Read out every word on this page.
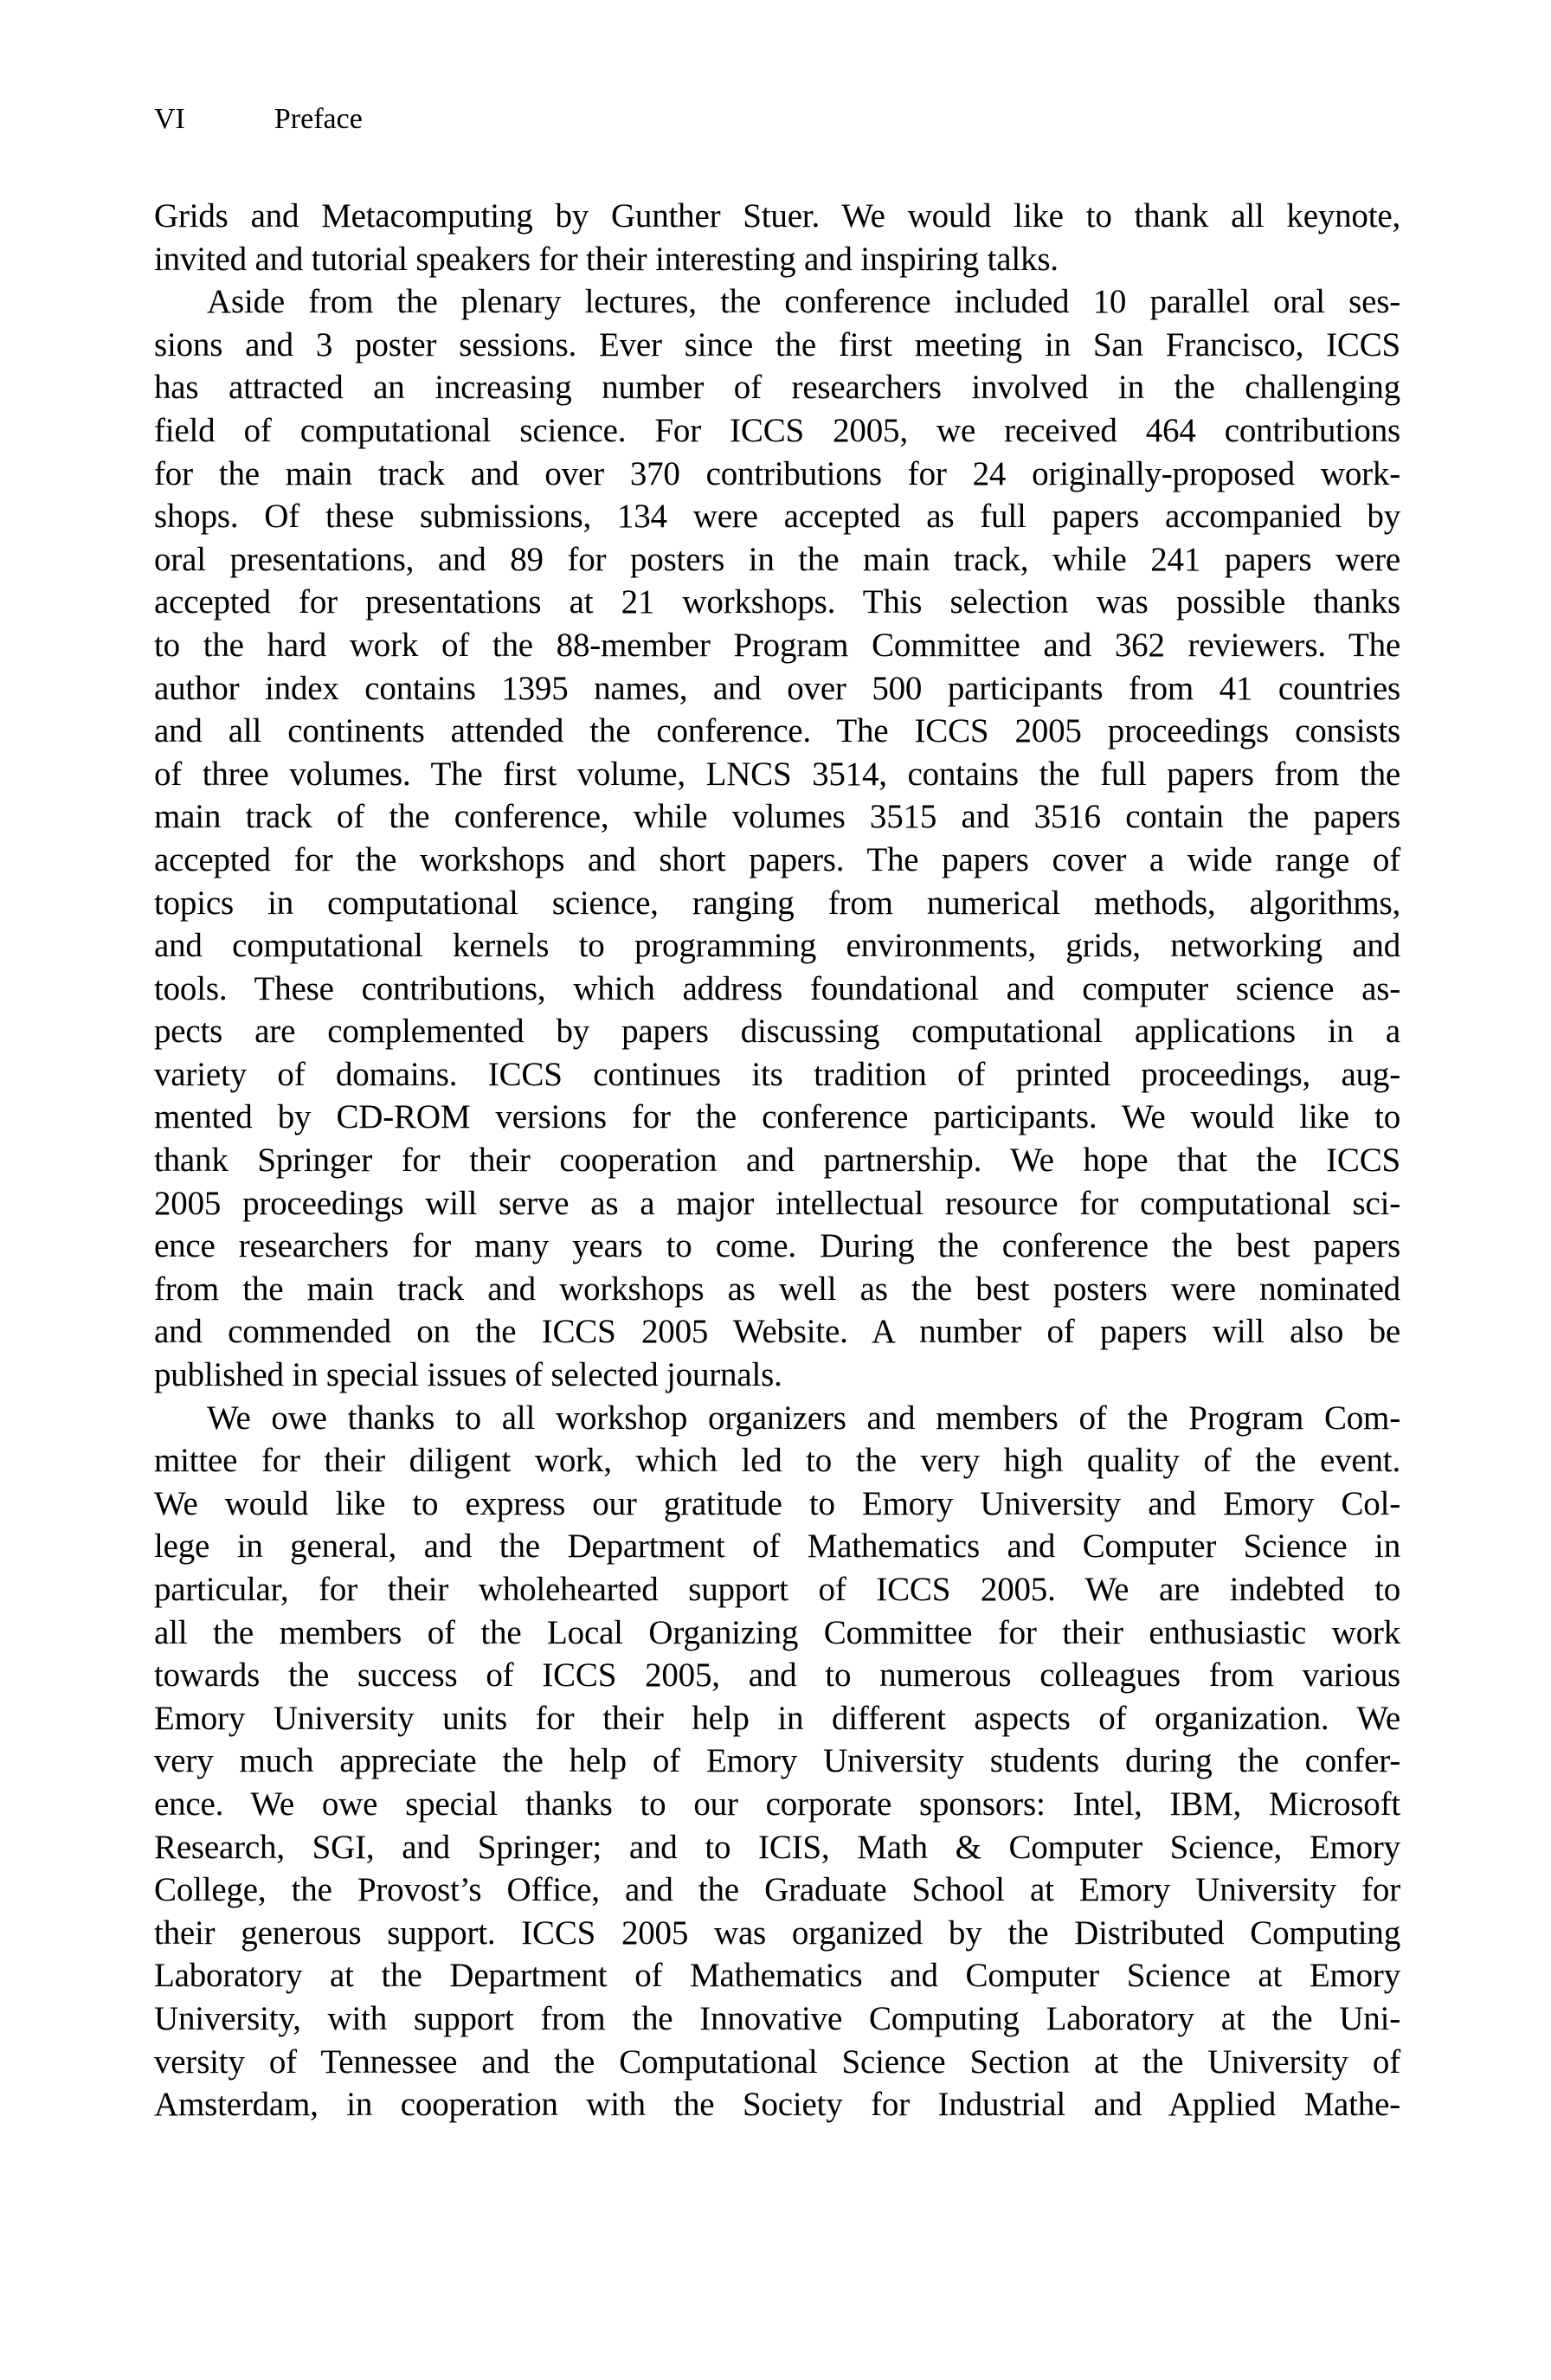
VI	Preface
Grids and Metacomputing by Gunther Stuer. We would like to thank all keynote,
invited and tutorial speakers for their interesting and inspiring talks.
Aside from the plenary lectures, the conference included 10 parallel oral ses-
sions and 3 poster sessions. Ever since the first meeting in San Francisco, ICCS
has attracted an increasing number of researchers involved in the challenging
field of computational science. For ICCS 2005, we received 464 contributions
for the main track and over 370 contributions for 24 originally-proposed work-
shops. Of these submissions, 134 were accepted as full papers accompanied by
oral presentations, and 89 for posters in the main track, while 241 papers were
accepted for presentations at 21 workshops. This selection was possible thanks
to the hard work of the 88-member Program Committee and 362 reviewers. The
author index contains 1395 names, and over 500 participants from 41 countries
and all continents attended the conference. The ICCS 2005 proceedings consists
of three volumes. The first volume, LNCS 3514, contains the full papers from the
main track of the conference, while volumes 3515 and 3516 contain the papers
accepted for the workshops and short papers. The papers cover a wide range of
topics in computational science, ranging from numerical methods, algorithms,
and computational kernels to programming environments, grids, networking and
tools. These contributions, which address foundational and computer science as-
pects are complemented by papers discussing computational applications in a
variety of domains. ICCS continues its tradition of printed proceedings, aug-
mented by CD-ROM versions for the conference participants. We would like to
thank Springer for their cooperation and partnership. We hope that the ICCS
2005 proceedings will serve as a major intellectual resource for computational sci-
ence researchers for many years to come. During the conference the best papers
from the main track and workshops as well as the best posters were nominated
and commended on the ICCS 2005 Website. A number of papers will also be
published in special issues of selected journals.
We owe thanks to all workshop organizers and members of the Program Com-
mittee for their diligent work, which led to the very high quality of the event.
We would like to express our gratitude to Emory University and Emory Col-
lege in general, and the Department of Mathematics and Computer Science in
particular, for their wholehearted support of ICCS 2005. We are indebted to
all the members of the Local Organizing Committee for their enthusiastic work
towards the success of ICCS 2005, and to numerous colleagues from various
Emory University units for their help in different aspects of organization. We
very much appreciate the help of Emory University students during the confer-
ence. We owe special thanks to our corporate sponsors: Intel, IBM, Microsoft
Research, SGI, and Springer; and to ICIS, Math & Computer Science, Emory
College, the Provost’s Office, and the Graduate School at Emory University for
their generous support. ICCS 2005 was organized by the Distributed Computing
Laboratory at the Department of Mathematics and Computer Science at Emory
University, with support from the Innovative Computing Laboratory at the Uni-
versity of Tennessee and the Computational Science Section at the University of
Amsterdam, in cooperation with the Society for Industrial and Applied Mathe-
